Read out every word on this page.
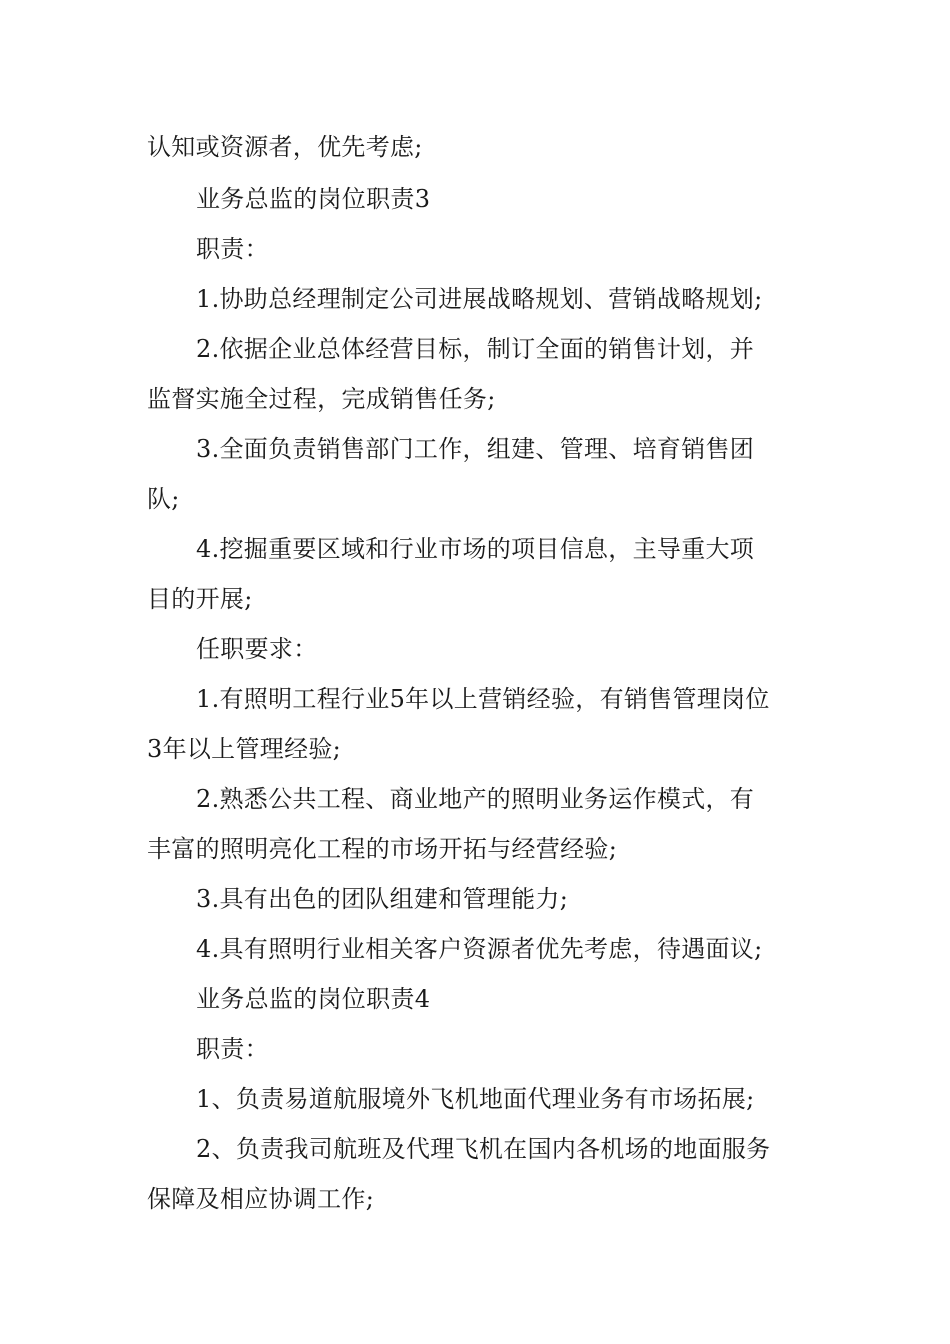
认知或资源者，优先考虑;
业务总监的岗位职责3
职责：
1.协助总经理制定公司进展战略规划、营销战略规划;
2.依据企业总体经营目标，制订全面的销售计划，并
监督实施全过程，完成销售任务;
3.全面负责销售部门工作，组建、管理、培育销售团
队;
4.挖掘重要区域和行业市场的项目信息，主导重大项
目的开展;
任职要求：
1.有照明工程行业5年以上营销经验，有销售管理岗位
3年以上管理经验;
2.熟悉公共工程、商业地产的照明业务运作模式，有
丰富的照明亮化工程的市场开拓与经营经验;
3.具有出色的团队组建和管理能力;
4.具有照明行业相关客户资源者优先考虑，待遇面议;
业务总监的岗位职责4
职责：
1、负责易道航服境外飞机地面代理业务有市场拓展;
2、负责我司航班及代理飞机在国内各机场的地面服务
保障及相应协调工作;
